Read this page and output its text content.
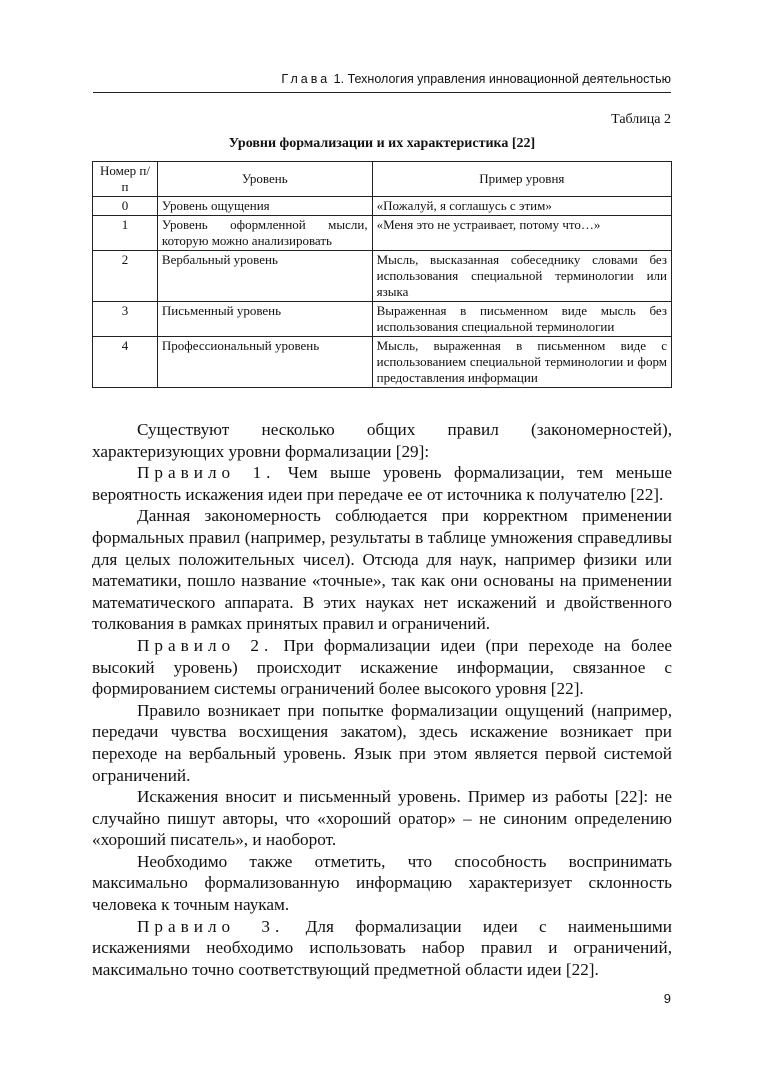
Глава 1. Технология управления инновационной деятельностью
Таблица 2
Уровни формализации и их характеристика [22]
Номер п/п	Уровень	Пример уровня
0	Уровень ощущения	«Пожалуй, я соглашусь с этим»
1	Уровень оформленной мысли, которую можно анализировать	«Меня это не устраивает, потому что…»
2	Вербальный уровень	Мысль, высказанная собеседнику словами без использования специальной терминологии или языка
3	Письменный уровень	Выраженная в письменном виде мысль без использования специальной терминологии
4	Профессиональный уровень	Мысль, выраженная в письменном виде с использованием специальной терминологии и форм предоставления информации

Существуют несколько общих правил (закономерностей), характеризующих уровни формализации [29]:

Правило 1. Чем выше уровень формализации, тем меньше вероятность искажения идеи при передаче ее от источника к получателю [22].

Данная закономерность соблюдается при корректном применении формальных правил (например, результаты в таблице умножения справедливы для целых положительных чисел). Отсюда для наук, например физики или математики, пошло название «точные», так как они основаны на применении математического аппарата. В этих науках нет искажений и двойственного толкования в рамках принятых правил и ограничений.

Правило 2. При формализации идеи (при переходе на более высокий уровень) происходит искажение информации, связанное с формированием системы ограничений более высокого уровня [22].

Правило возникает при попытке формализации ощущений (например, передачи чувства восхищения закатом), здесь искажение возникает при переходе на вербальный уровень. Язык при этом является первой системой ограничений.

Искажения вносит и письменный уровень. Пример из работы [22]: не случайно пишут авторы, что «хороший оратор» – не синоним определению «хороший писатель», и наоборот.

Необходимо также отметить, что способность воспринимать максимально формализованную информацию характеризует склонность человека к точным наукам.

Правило 3. Для формализации идеи с наименьшими искажениями необходимо использовать набор правил и ограничений, максимально точно соответствующий предметной области идеи [22].

9
